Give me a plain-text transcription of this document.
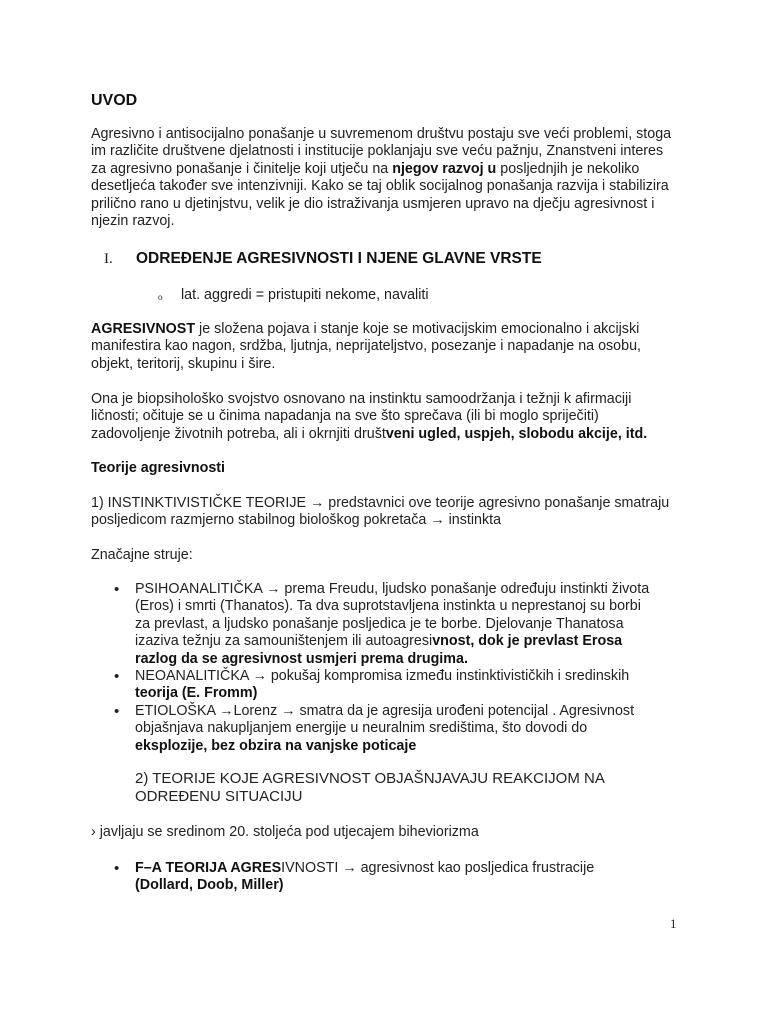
UVOD
Agresivno i antisocijalno ponašanje u suvremenom društvu postaju sve veći problemi, stoga im različite društvene djelatnosti i institucije poklanjaju sve veću pažnju, Znanstveni interes za agresivno ponašanje i činitelje koji utječu na njegov razvoj u posljednjih je nekoliko desetljeća također sve intenzivniji. Kako se taj oblik socijalnog ponašanja razvija i stabilizira prilično rano u djetinjstvu, velik je dio istraživanja usmjeren upravo na dječju agresivnost i njezin razvoj.
I. ODREĐENJE AGRESIVNOSTI I NJENE GLAVNE VRSTE
o lat. aggredi = pristupiti nekome, navaliti
AGRESIVNOST je složena pojava i stanje koje se motivacijskim emocionalno i akcijski manifestira kao nagon, srdžba, ljutnja, neprijateljstvo, posezanje i napadanje na osobu, objekt, teritorij, skupinu i šire.
Ona je biopsihološko svojstvo osnovano na instinktu samoodržanja i težnji k afirmaciji ličnosti; očituje se u činima napadanja na sve što sprečava (ili bi moglo spriječiti) zadovoljenje životnih potreba, ali i okrnjiti društveni ugled, uspjeh, slobodu akcije, itd.
Teorije agresivnosti
1) INSTINKTIVISTIČKE TEORIJE → predstavnici ove teorije agresivno ponašanje smatraju posljedicom razmjerno stabilnog biološkog pokretača → instinkta
Značajne struje:
• PSIHOANALITIČKA → prema Freudu, ljudsko ponašanje određuju instinkti života (Eros) i smrti (Thanatos). Ta dva suprotstavljena instinkta u neprestanoj su borbi za prevlast, a ljudsko ponašanje posljedica je te borbe. Djelovanje Thanatosa izaziva težnju za samouništenjem ili autoagresivnost, dok je prevlast Erosa razlog da se agresivnost usmjeri prema drugima.
• NEOANALITIČKA → pokušaj kompromisa između instinktivističkih i sredinskih teorija (E. Fromm)
• ETIOLOŠKA →Lorenz → smatra da je agresija urođeni potencijal . Agresivnost objašnjava nakupljanjem energije u neuralnim središtima, što dovodi do eksplozije, bez obzira na vanjske poticaje
2) TEORIJE KOJE AGRESIVNOST OBJAŠNJAVAJU REAKCIJOM NA ODREĐENU SITUACIJU
› javljaju se sredinom 20. stoljeća pod utjecajem biheviorizma
• F–A TEORIJA AGRESIVNOSTI → agresivnost kao posljedica frustracije (Dollard, Doob, Miller)
1
